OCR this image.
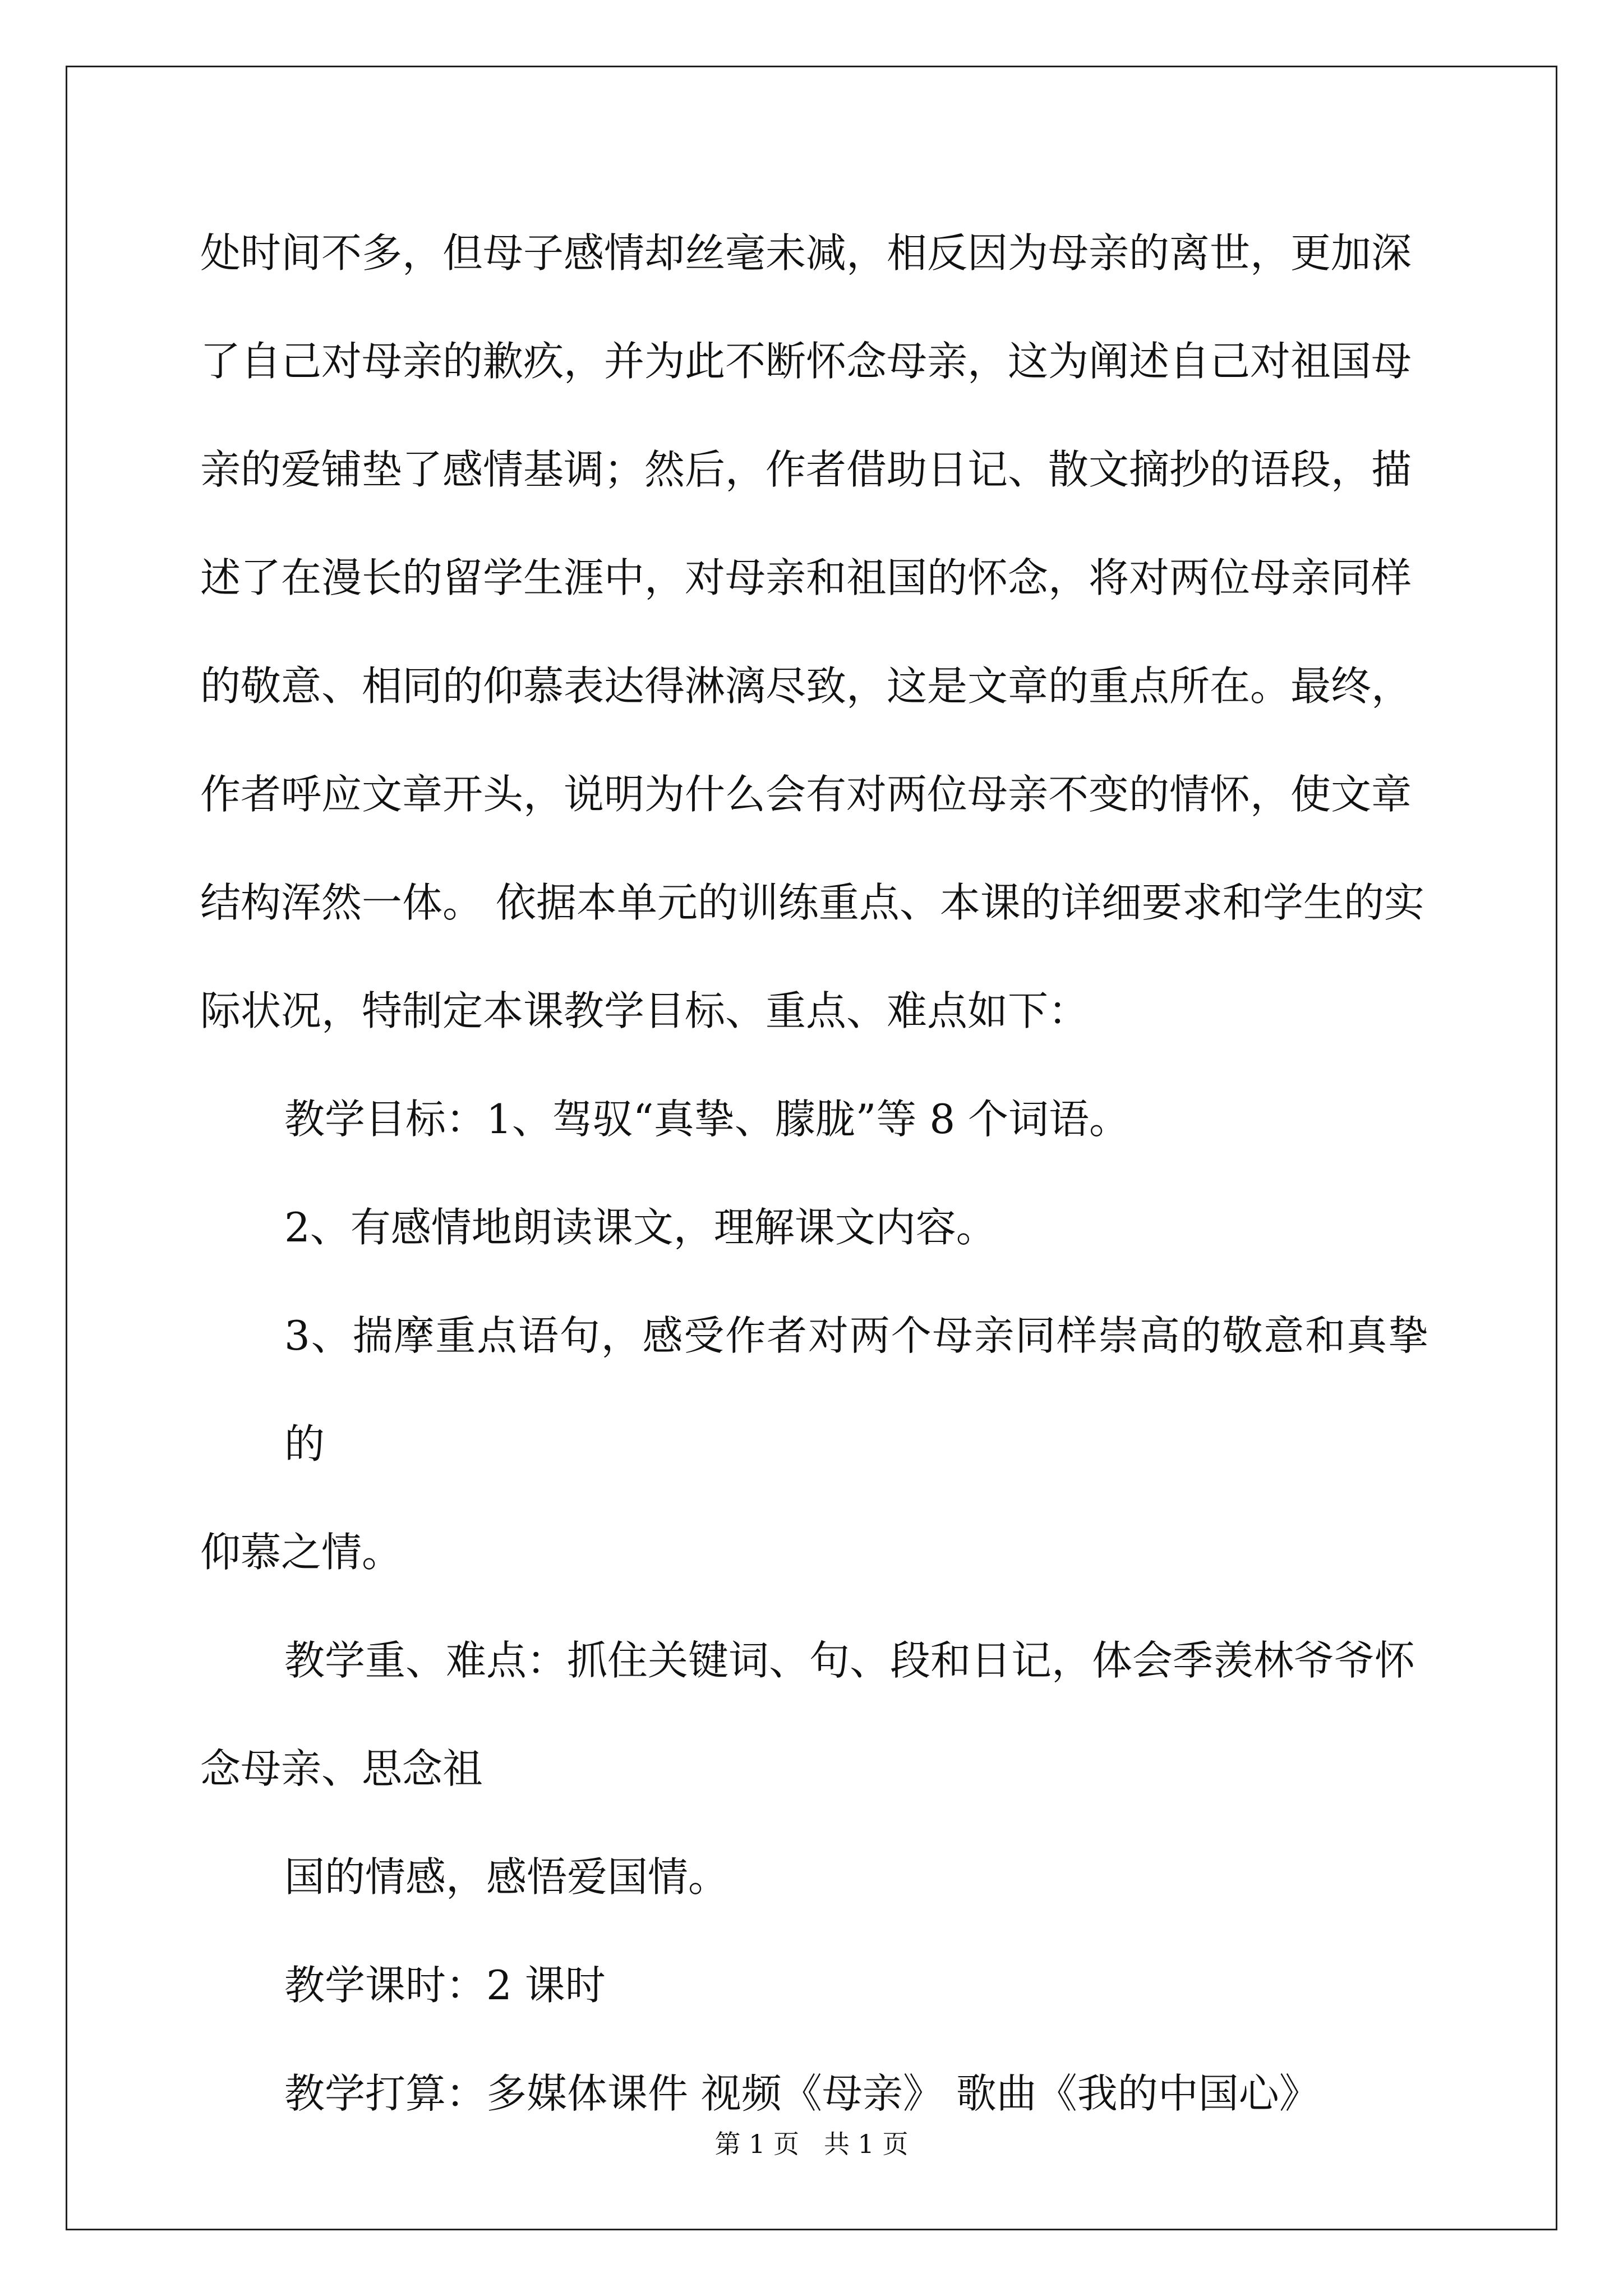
处时间不多，但母子感情却丝毫未减，相反因为母亲的离世，更加深
了自己对母亲的歉疚，并为此不断怀念母亲，这为阐述自己对祖国母
亲的爱铺垫了感情基调；然后，作者借助日记、散文摘抄的语段，描
述了在漫长的留学生涯中，对母亲和祖国的怀念，将对两位母亲同样
的敬意、相同的仰慕表达得淋漓尽致，这是文章的重点所在。最终，
作者呼应文章开头，说明为什么会有对两位母亲不变的情怀，使文章
结构浑然一体。 依据本单元的训练重点、本课的详细要求和学生的实
际状况，特制定本课教学目标、重点、难点如下：
教学目标：1、驾驭“真挚、朦胧”等 8 个词语。
2、有感情地朗读课文，理解课文内容。
3、揣摩重点语句，感受作者对两个母亲同样崇高的敬意和真挚的
仰慕之情。
教学重、难点：抓住关键词、句、段和日记，体会季羡林爷爷怀
念母亲、思念祖
国的情感，感悟爱国情。
教学课时：2 课时
教学打算：多媒体课件 视频《母亲》 歌曲《我的中国心》
第 1 页 共 1 页
